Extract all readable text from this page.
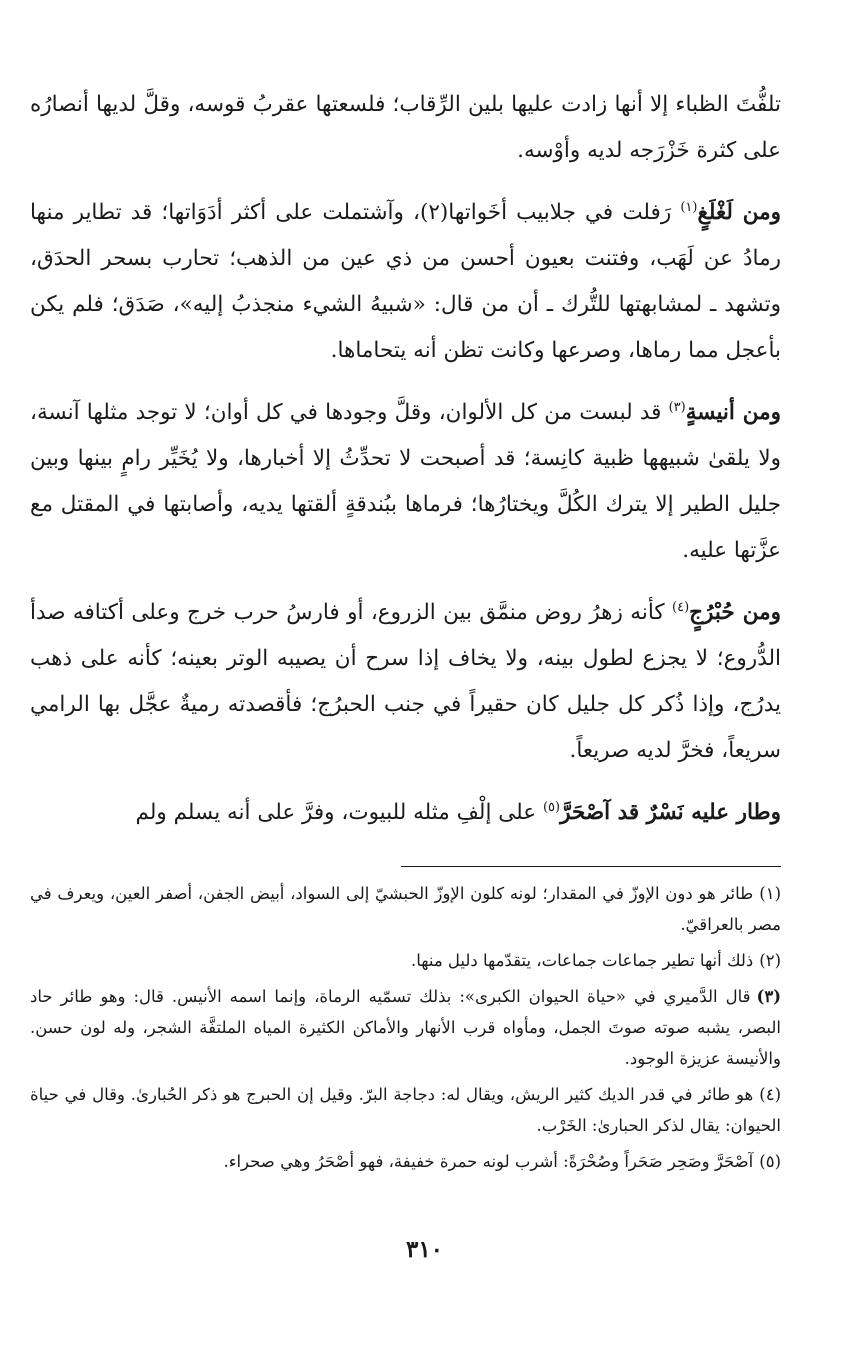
تلفُّتَ الظباء إلا أنها زادت عليها بلين الرِّقاب؛ فلسعتها عقربُ قوسه، وقلَّ لديها أنصارُه على كثرة خَزْرَجه لديه وأوْسه.

ومن لَغْلَغٍ$^{(١)}$ رَفلت في جلابيب أخَواتها(٢)، وآشتملت على أكثر أدَوَاتها؛ قد تطاير منها رمادُ عن لَهَب، وفتنت بعيون أحسن من ذي عين من الذهب؛ تحارب بسحر الحدَق، وتشهد ـ لمشابهتها للتُّرك ـ أن من قال: «شبيهُ الشيء منجذبُ إليه»، صَدَق؛ فلم يكن بأعجل مما رماها، وصرعها وكانت تظن أنه يتحاماها.

ومن أنيسةٍ$^{(٣)}$ قد لبست من كل الألوان، وقلَّ وجودها في كل أوان؛ لا توجد مثلها آنسة، ولا يلقىٰ شبيهها ظبية كانِسة؛ قد أصبحت لا تحدِّثُ إلا أخبارها، ولا يُخَيِّر رامٍ بينها وبين جليل الطير إلا يترك الكُلَّ ويختارُها؛ فرماها ببُندقةٍ ألقتها يديه، وأصابتها في المقتل مع عزَّتها عليه.

ومن حُبْرُجٍ$^{(٤)}$ كأنه زهرُ روض منمَّق بين الزروع، أو فارسُ حرب خرج وعلى أكتافه صدأ الدُّروع؛ لا يجزع لطول بينه، ولا يخاف إذا سرح أن يصيبه الوتر بعينه؛ كأنه على ذهب يدرُج، وإذا ذُكر كل جليل كان حقيراً في جنب الحبرُج؛ فأقصدته رميةٌ عجَّل بها الرامي سريعاً، فخرَّ لديه صريعاً.

وطار عليه نَسْرٌ قد آصْحَرَّ$^{(٥)}$ على إلْفِ مثله للبيوت، وفرَّ على أنه يسلم ولم

(١)طائر هو دون الإوزّ في المقدار؛ لونه كلون الإوزّ الحبشيّ إلى السواد، أبيض الجفن، أصفر العين، ويعرف في مصر بالعراقيّ.

(٢)ذلك أنها تطير جماعات جماعات، يتقدّمها دليل منها.

(٣)قال الدَّميري في «حياة الحيوان الكبرى»: بذلك تسمّيه الرماة، وإنما اسمه الأنيس. قال: وهو طائر حاد البصر، يشبه صوته صوتَ الجمل، ومأواه قرب الأنهار والأماكن الكثيرة المياه الملتفَّة الشجر، وله لون حسن. والأنيسة عزيزة الوجود.

(٤)هو طائر في قدر الديك كثير الريش، ويقال له: دجاجة البرّ. وقيل إن الحبرج هو ذكر الحُبارىٰ. وقال في حياة الحيوان: يقال لذكر الحبارىٰ: الخَرْب.

(٥)آصْحَرَّ وصَحِر صَحَراً وصُحْرَةً: أشرب لونه حمرة خفيفة، فهو أصْحَرُ وهي صحراء.

٣١٠
